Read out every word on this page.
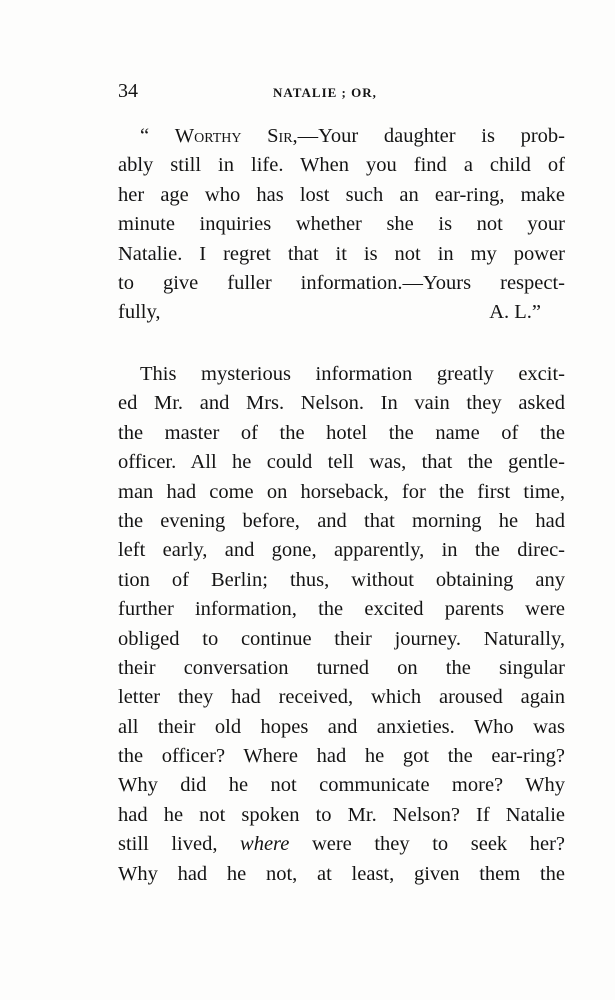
34	NATALIE ; OR,
“ Worthy Sir,—Your daughter is prob-
ably still in life. When you find a child of
her age who has lost such an ear-ring, make
minute inquiries whether she is not your
Natalie. I regret that it is not in my power
to give fuller information.—Yours respect-
fully,	A. L.”
This mysterious information greatly excit-
ed Mr. and Mrs. Nelson. In vain they asked
the master of the hotel the name of the
officer. All he could tell was, that the gentle-
man had come on horseback, for the first time,
the evening before, and that morning he had
left early, and gone, apparently, in the direc-
tion of Berlin; thus, without obtaining any
further information, the excited parents were
obliged to continue their journey. Naturally,
their conversation turned on the singular
letter they had received, which aroused again
all their old hopes and anxieties. Who was
the officer? Where had he got the ear-ring?
Why did he not communicate more? Why
had he not spoken to Mr. Nelson? If Natalie
still lived, where were they to seek her?
Why had he not, at least, given them the
